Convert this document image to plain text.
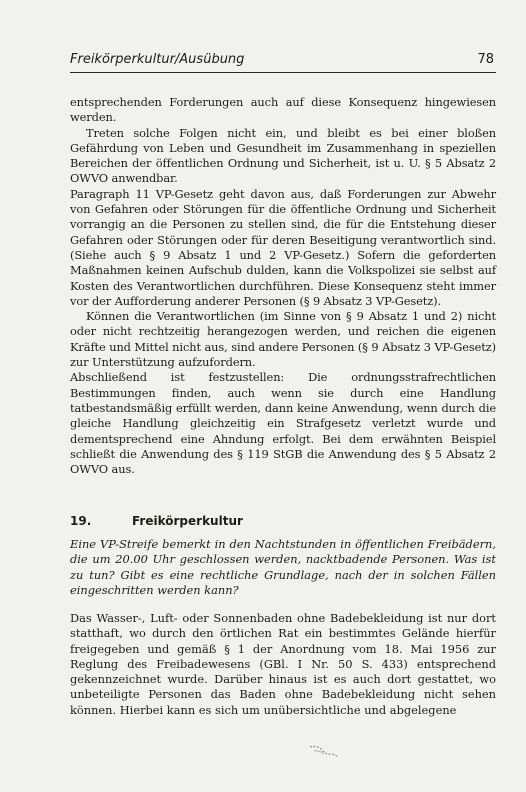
Freikörperkultur/Ausübung	78

entsprechenden Forderungen auch auf diese Konsequenz hingewiesen werden.

Treten solche Folgen nicht ein, und bleibt es bei einer bloßen Gefährdung von Leben und Gesundheit im Zusammenhang in speziellen Bereichen der öffentlichen Ordnung und Sicherheit, ist u. U. § 5 Absatz 2 OWVO anwendbar.

Paragraph 11 VP-Gesetz geht davon aus, daß Forderungen zur Abwehr von Gefahren oder Störungen für die öffentliche Ordnung und Sicherheit vorrangig an die Personen zu stellen sind, die für die Entstehung dieser Gefahren oder Störungen oder für deren Beseitigung verantwortlich sind. (Siehe auch § 9 Absatz 1 und 2 VP-Gesetz.) Sofern die geforderten Maßnahmen keinen Aufschub dulden, kann die Volkspolizei sie selbst auf Kosten des Verantwortlichen durchführen. Diese Konsequenz steht immer vor der Aufforderung anderer Personen (§ 9 Absatz 3 VP-Gesetz).

Können die Verantwortlichen (im Sinne von § 9 Absatz 1 und 2) nicht oder nicht rechtzeitig herangezogen werden, und reichen die eigenen Kräfte und Mittel nicht aus, sind andere Personen (§ 9 Absatz 3 VP-Gesetz) zur Unterstützung aufzufordern.

Abschließend ist festzustellen: Die ordnungsstrafrechtlichen Bestimmungen finden, auch wenn sie durch eine Handlung tatbestandsmäßig erfüllt werden, dann keine Anwendung, wenn durch die gleiche Handlung gleichzeitig ein Strafgesetz verletzt wurde und dementsprechend eine Ahndung erfolgt. Bei dem erwähnten Beispiel schließt die Anwendung des § 119 StGB die Anwendung des § 5 Absatz 2 OWVO aus.

19.	Freikörperkultur

Eine VP-Streife bemerkt in den Nachtstunden in öffentlichen Freibädern, die um 20.00 Uhr geschlossen werden, nacktbadende Personen. Was ist zu tun? Gibt es eine rechtliche Grundlage, nach der in solchen Fällen eingeschritten werden kann?

Das Wasser-, Luft- oder Sonnenbaden ohne Badebekleidung ist nur dort statthaft, wo durch den örtlichen Rat ein bestimmtes Gelände hierfür freigegeben und gemäß § 1 der Anordnung vom 18. Mai 1956 zur Reglung des Freibadewesens (GBl. I Nr. 50 S. 433) entsprechend gekennzeichnet wurde. Darüber hinaus ist es auch dort gestattet, wo unbeteiligte Personen das Baden ohne Badebekleidung nicht sehen können. Hierbei kann es sich um unübersichtliche und abgelegene
